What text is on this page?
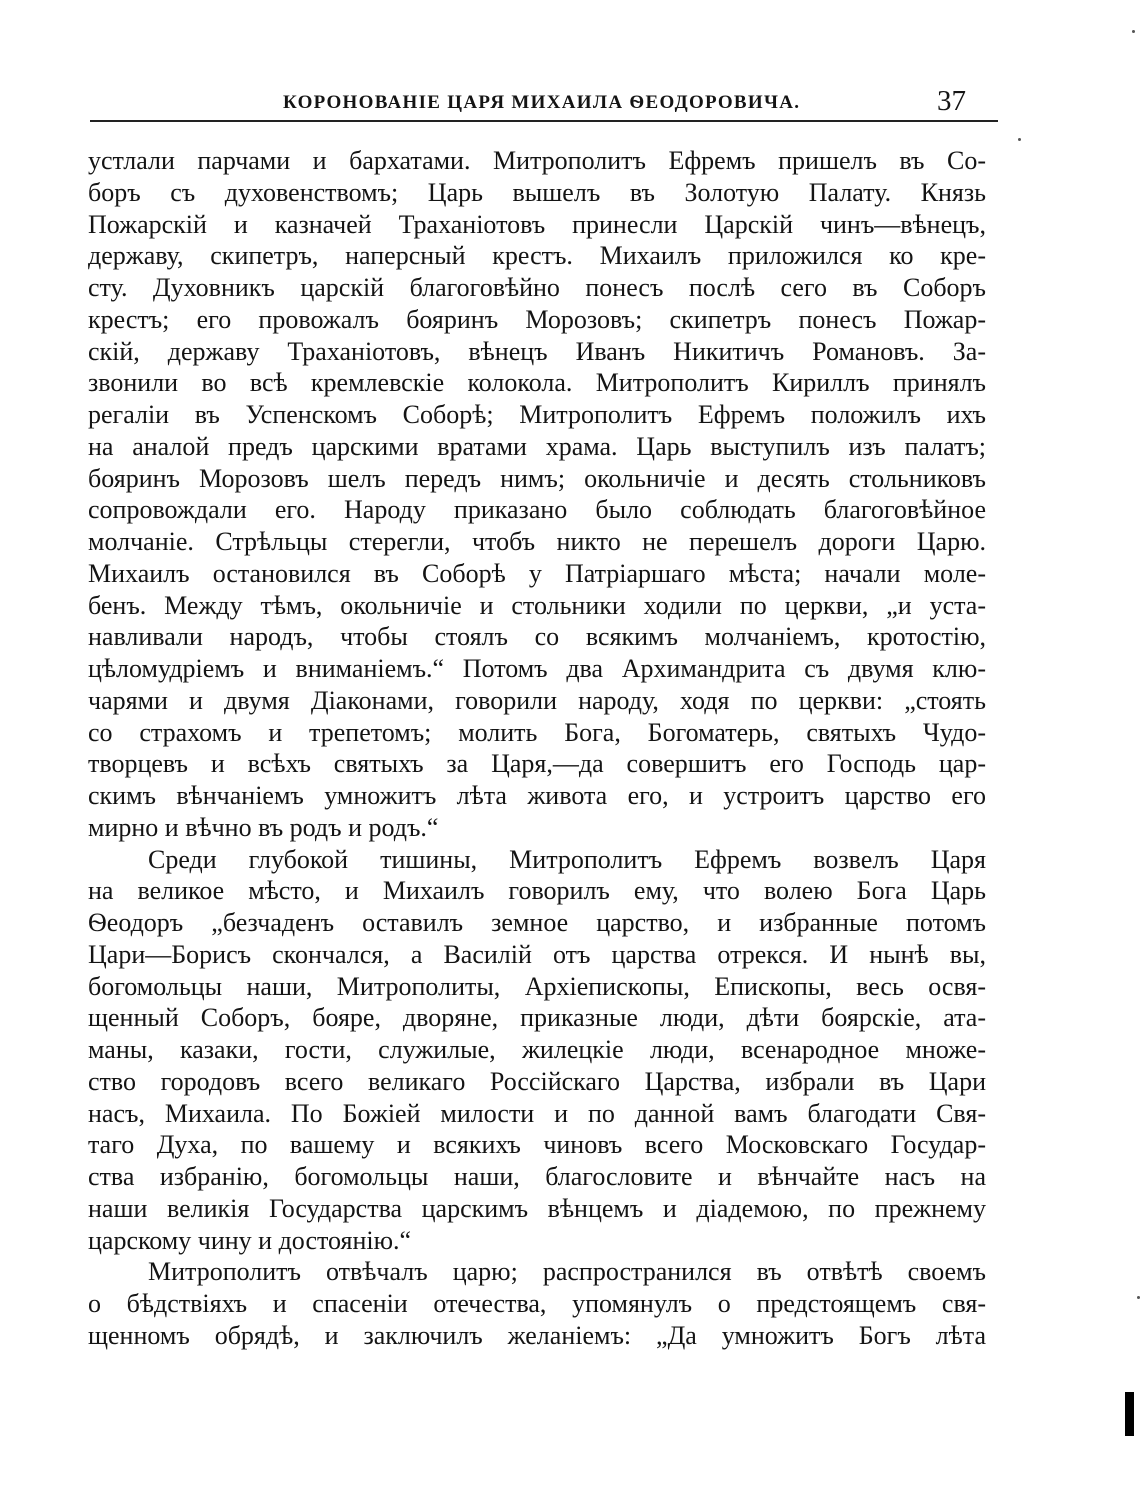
КОРОНОВАНІЕ ЦАРЯ МИХАИЛА ѲЕОДОРОВИЧА.	37
устлали парчами и бархатами. Митрополитъ Ефремъ пришелъ въ Со-
боръ съ духовенствомъ; Царь вышелъ въ Золотую Палату. Князь
Пожарскій и казначей Траханіотовъ принесли Царскій чинъ—вѣнецъ,
державу, скипетръ, наперсный крестъ. Михаилъ приложился ко кре-
сту. Духовникъ царскій благоговѣйно понесъ послѣ сего въ Соборъ
крестъ; его провожалъ бояринъ Морозовъ; скипетръ понесъ Пожар-
скій, державу Траханіотовъ, вѣнецъ Иванъ Никитичъ Романовъ. За-
звонили во всѣ кремлевскіе колокола. Митрополитъ Кириллъ принялъ
регаліи въ Успенскомъ Соборѣ; Митрополитъ Ефремъ положилъ ихъ
на аналой предъ царскими вратами храма. Царь выступилъ изъ палатъ;
бояринъ Морозовъ шелъ передъ нимъ; окольничіе и десять стольниковъ
сопровождали его. Народу приказано было соблюдать благоговѣйное
молчаніе. Стрѣльцы стерегли, чтобъ никто не перешелъ дороги Царю.
Михаилъ остановился въ Соборѣ у Патріаршаго мѣста; начали моле-
бенъ. Между тѣмъ, окольничіе и стольники ходили по церкви, „и уста-
навливали народъ, чтобы стоялъ со всякимъ молчаніемъ, кротостію,
цѣломудріемъ и вниманіемъ.“ Потомъ два Архимандрита съ двумя клю-
чарями и двумя Діаконами, говорили народу, ходя по церкви: „стоять
со страхомъ и трепетомъ; молить Бога, Богоматерь, святыхъ Чудо-
творцевъ и всѣхъ святыхъ за Царя,—да совершитъ его Господь цар-
скимъ вѣнчаніемъ умножитъ лѣта живота его, и устроитъ царство его
мирно и вѣчно въ родъ и родъ.“
Среди глубокой тишины, Митрополитъ Ефремъ возвелъ Царя
на великое мѣсто, и Михаилъ говорилъ ему, что волею Бога Царь
Ѳеодоръ „безчаденъ оставилъ земное царство, и избранные потомъ
Цари—Борисъ скончался, а Василій отъ царства отрекся. И нынѣ вы,
богомольцы наши, Митрополиты, Архіепископы, Епископы, весь освя-
щенный Соборъ, бояре, дворяне, приказные люди, дѣти боярскіе, ата-
маны, казаки, гости, служилые, жилецкіе люди, всенародное множе-
ство городовъ всего великаго Россійскаго Царства, избрали въ Цари
насъ, Михаила. По Божіей милости и по данной вамъ благодати Свя-
таго Духа, по вашему и всякихъ чиновъ всего Московскаго Государ-
ства избранію, богомольцы наши, благословите и вѣнчайте насъ на
наши великія Государства царскимъ вѣнцемъ и діадемою, по прежнему
царскому чину и достоянію.“
Митрополитъ отвѣчалъ царю; распространился въ отвѣтѣ своемъ
о бѣдствіяхъ и спасеніи отечества, упомянулъ о предстоящемъ свя-
щенномъ обрядѣ, и заключилъ желаніемъ: „Да умножитъ Богъ лѣта
